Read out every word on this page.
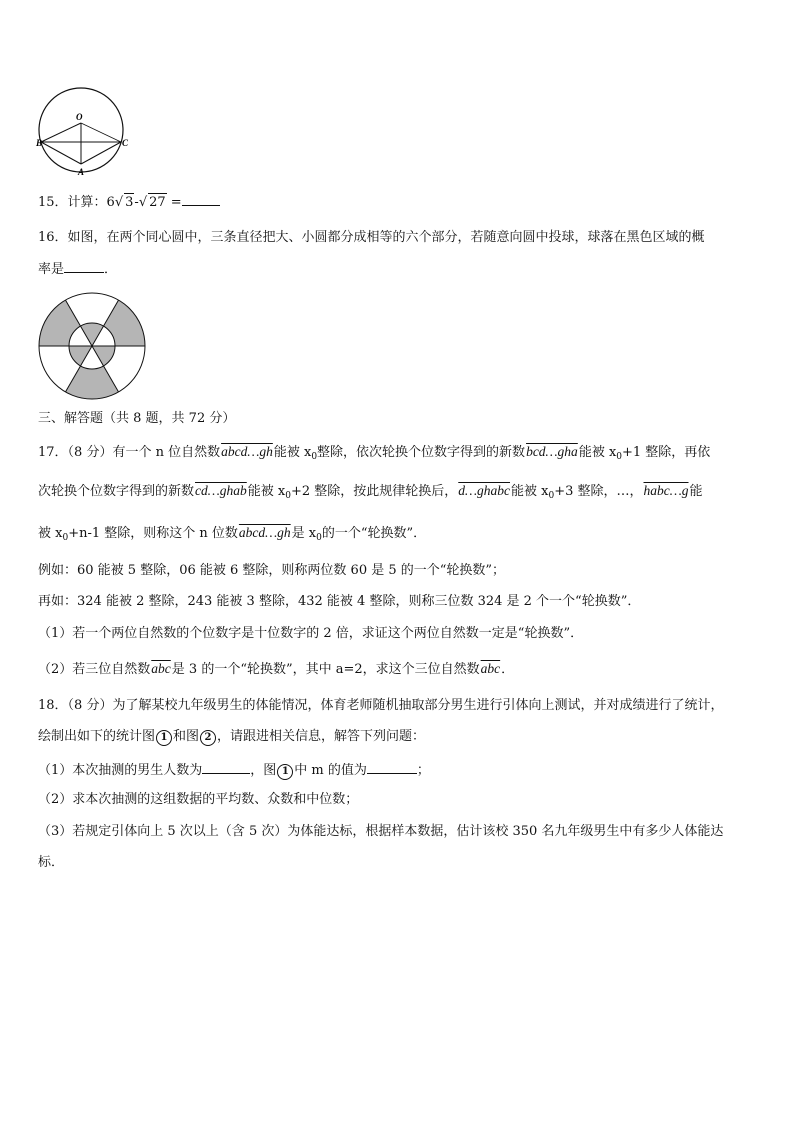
O
B	C
A
15．计算：6√ 3-√ 27 =
16．如图，在两个同心圆中，三条直径把大、小圆都分成相等的六个部分，若随意向圆中投球，球落在黑色区域的概
率是	．
三、解答题（共 8 题，共 72 分）
17．（8 分）有一个 n 位自然数abcd…gh能被 $x_0$整除，依次轮换个位数字得到的新数bcd…gha能被 $x_0+1$ 整除，再依
次轮换个位数字得到的新数cd…ghab能被 $x_0+2$ 整除，按此规律轮换后，d…ghabc能被 $x_0+3$ 整除，…，habc…g能
被 $x_0+n-1$ 整除，则称这个 n 位数abcd…gh是 $x_0$的一个“轮换数”．
例如：60 能被 5 整除，06 能被 6 整除，则称两位数 60 是 5 的一个“轮换数”；
再如：324 能被 2 整除，243 能被 3 整除，432 能被 4 整除，则称三位数 324 是 2 个一个“轮换数”．
（1）若一个两位自然数的个位数字是十位数字的 2 倍，求证这个两位自然数一定是“轮换数”．
（2）若三位自然数$\overline{abc}$是 3 的一个“轮换数”，其中 a=2，求这个三位自然数$\overline{abc}$．
18．（8 分）为了解某校九年级男生的体能情况，体育老师随机抽取部分男生进行引体向上测试，并对成绩进行了统计，
绘制出如下的统计图 1 和图 2 ，请跟进相关信息，解答下列问题：
（1）本次抽测的男生人数为	，图 1 中 m 的值为	；
（2）求本次抽测的这组数据的平均数、众数和中位数；
（3）若规定引体向上 5 次以上（含 5 次）为体能达标，根据样本数据，估计该校 350 名九年级男生中有多少人体能达
标．
